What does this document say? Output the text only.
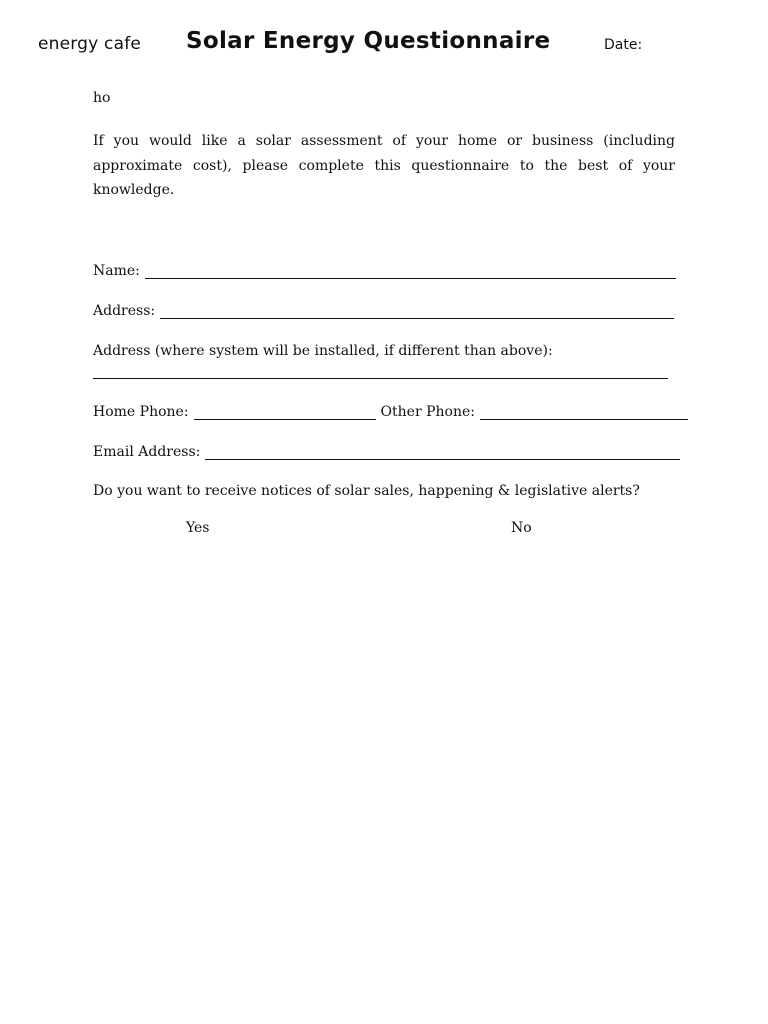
energy cafe Solar Energy Questionnaire	Date:
ho
If you would like a solar assessment of your home or business (including approximate cost), please complete this questionnaire to the best of your knowledge.
Name:
Address:
Address (where system will be installed, if different than above):
Home Phone:	Other Phone:
Email Address:
Do you want to receive notices of solar sales, happening & legislative alerts?
Yes	No
